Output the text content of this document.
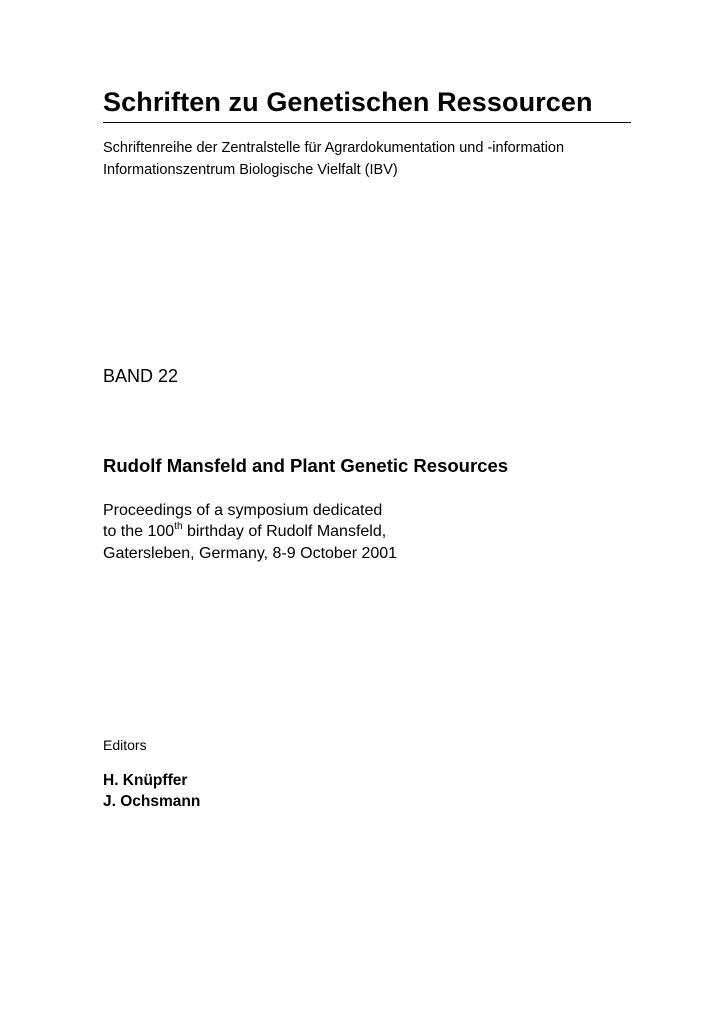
Schriften zu Genetischen Ressourcen
Schriftenreihe der Zentralstelle für Agrardokumentation und -information
Informationszentrum Biologische Vielfalt (IBV)
BAND 22
Rudolf Mansfeld and Plant Genetic Resources
Proceedings of a symposium dedicated
to the 100th birthday of Rudolf Mansfeld,
Gatersleben, Germany, 8-9 October 2001
Editors
H. Knüpffer
J. Ochsmann
